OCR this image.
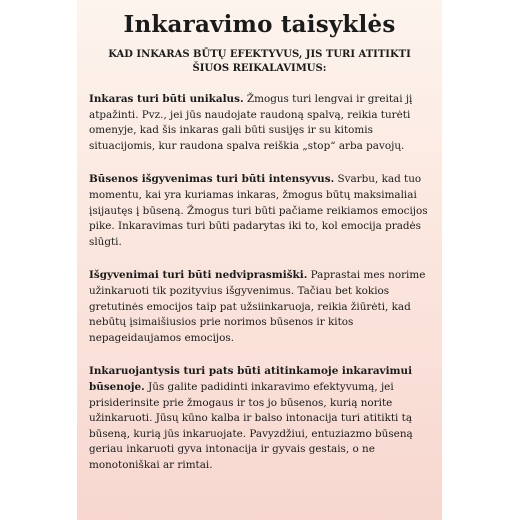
Inkaravimo taisyklės

KAD INKARAS BŪTŲ EFEKTYVUS, JIS TURI ATITIKTI ŠIUOS REIKALAVIMUS:

Inkaras turi būti unikalus. Žmogus turi lengvai ir greitai jį atpažinti. Pvz., jei jūs naudojate raudoną spalvą, reikia turėti omenyje, kad šis inkaras gali būti susijęs ir su kitomis situacijomis, kur raudona spalva reiškia „stop“ arba pavojų.

Būsenos išgyvenimas turi būti intensyvus. Svarbu, kad tuo momentu, kai yra kuriamas inkaras, žmogus būtų maksimaliai įsijautęs į būseną. Žmogus turi būti pačiame reikiamos emocijos pike. Inkaravimas turi būti padarytas iki to, kol emocija pradės slūgti.

Išgyvenimai turi būti nedviprasmiški. Paprastai mes norime užinkaruoti tik pozityvius išgyvenimus. Tačiau bet kokios gretutinės emocijos taip pat užsiinkaruoja, reikia žiūrėti, kad nebūtų įsimaišiusios prie norimos būsenos ir kitos nepageidaujamos emocijos.

Inkaruojantysis turi pats būti atitinkamoje inkaravimui būsenoje. Jūs galite padidinti inkaravimo efektyvumą, jei prisiderinsite prie žmogaus ir tos jo būsenos, kurią norite užinkaruoti. Jūsų kūno kalba ir balso intonacija turi atitikti tą būseną, kurią jūs inkaruojate. Pavyzdžiui, entuziazmo būseną geriau inkaruoti gyva intonacija ir gyvais gestais, o ne monotoniškai ar rimtai.
